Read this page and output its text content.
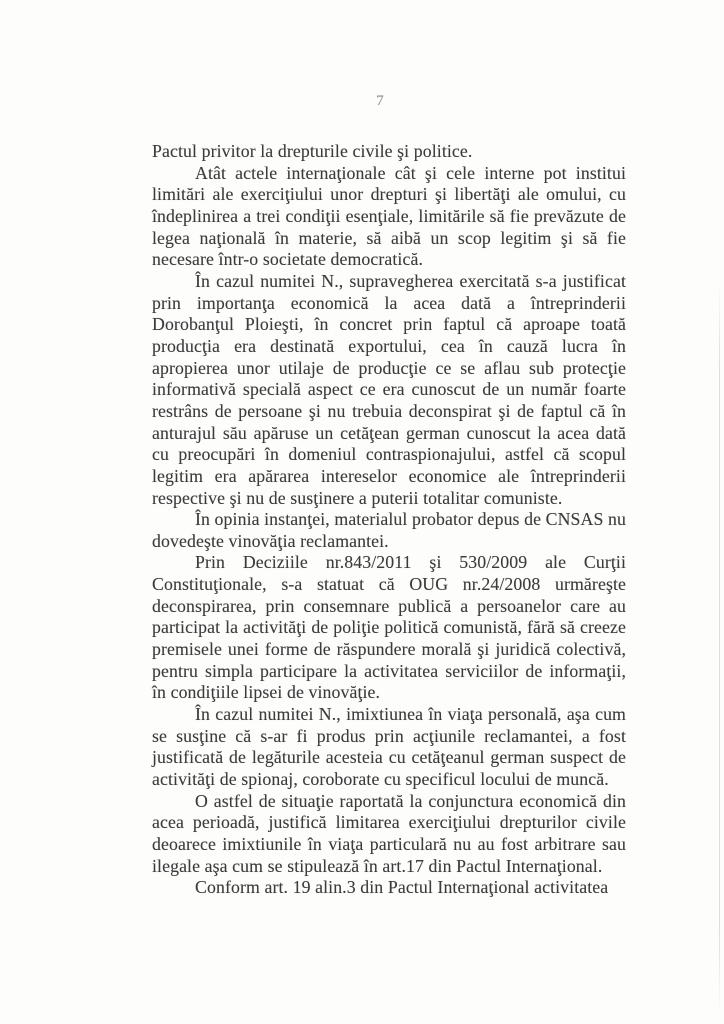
7

Pactul privitor la drepturile civile şi politice.

Atât actele internaţionale cât şi cele interne pot institui limitări ale exerciţiului unor drepturi şi libertăţi ale omului, cu îndeplinirea a trei condiţii esenţiale, limitările să fie prevăzute de legea naţională în materie, să aibă un scop legitim şi să fie necesare într-o societate democratică.

În cazul numitei N., supravegherea exercitată s-a justificat prin importanţa economică la acea dată a întreprinderii Dorobanţul Ploieşti, în concret prin faptul că aproape toată producţia era destinată exportului, cea în cauză lucra în apropierea unor utilaje de producţie ce se aflau sub protecţie informativă specială aspect ce era cunoscut de un număr foarte restrâns de persoane şi nu trebuia deconspirat şi de faptul că în anturajul său apăruse un cetăţean german cunoscut la acea dată cu preocupări în domeniul contraspionajului, astfel că scopul legitim era apărarea intereselor economice ale întreprinderii respective şi nu de susţinere a puterii totalitar comuniste.

În opinia instanţei, materialul probator depus de CNSAS nu dovedeşte vinovăţia reclamantei.

Prin Deciziile nr.843/2011 şi 530/2009 ale Curţii Constituţionale, s-a statuat că OUG nr.24/2008 urmăreşte deconspirarea, prin consemnare publică a persoanelor care au participat la activităţi de poliţie politică comunistă, fără să creeze premisele unei forme de răspundere morală şi juridică colectivă, pentru simpla participare la activitatea serviciilor de informaţii, în condiţiile lipsei de vinovăţie.

În cazul numitei N., imixtiunea în viaţa personală, aşa cum se susţine că s-ar fi produs prin acţiunile reclamantei, a fost justificată de legăturile acesteia cu cetăţeanul german suspect de activităţi de spionaj, coroborate cu specificul locului de muncă.

O astfel de situaţie raportată la conjunctura economică din acea perioadă, justifică limitarea exerciţiului drepturilor civile deoarece imixtiunile în viaţa particulară nu au fost arbitrare sau ilegale aşa cum se stipulează în art.17 din Pactul Internaţional.

Conform art. 19 alin.3 din Pactul Internaţional activitatea
